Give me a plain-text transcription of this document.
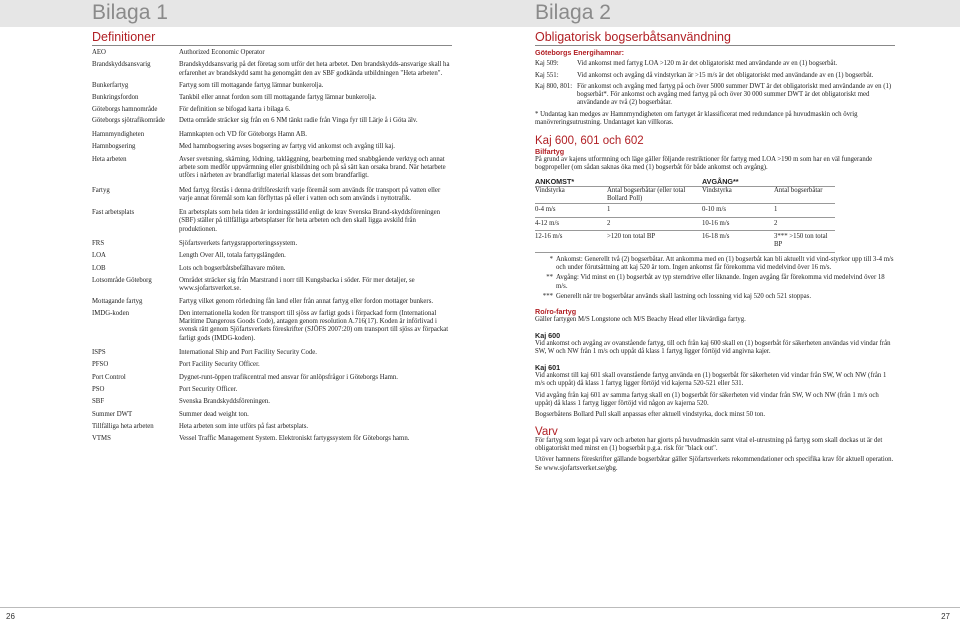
Bilaga 1
Definitioner
AEO	Authorized Economic Operator
Brandskyddsansvarig	Brandskyddsansvarig på det företag som utför det heta arbetet. Den brandskydds-ansvarige skall ha erfarenhet av brandskydd samt ha genomgått den av SBF godkända utbildningen "Heta arbeten".
Bunkerfartyg	Fartyg som till mottagande fartyg lämnar bunkerolja.
Bunkringsfordon	Tankbil eller annat fordon som till mottagande fartyg lämnar bunkerolja.
Göteborgs hamnområde	För definition se bifogad karta i bilaga 6.
Göteborgs sjötrafikområde	Detta område sträcker sig från en 6 NM tänkt radie från Vinga fyr till Lärje å i Göta älv.
Hamnmyndigheten	Hamnkapten och VD för Göteborgs Hamn AB.
Hamnbogsering	Med hamnbogsering avses bogsering av fartyg vid ankomst och avgång till kaj.
Heta arbeten	Avser svetsning, skärning, lödning, takläggning, bearbetning med snabbgående verktyg och annat arbete som medför uppvärmning eller gnistbildning och på så sätt kan orsaka brand. När hetarbete utförs i närheten av brandfarligt material klassas det som brandfarligt.
Fartyg	Med fartyg förstås i denna driftföreskrift varje föremål som används för transport på vatten eller varje annat föremål som kan förflyttas på eller i vatten och som används i nyttotrafik.
Fast arbetsplats	En arbetsplats som hela tiden är iordningsställd enligt de krav Svenska Brand-skyddsföreningen (SBF) ställer på tillfälliga arbetsplatser för heta arbeten och den skall ligga avskild från produktionen.
FRS	Sjöfartsverkets fartygsrapporteringssystem.
LOA	Length Over All, totala fartygslängden.
LOB	Lots och bogserbåtsbefälhavare möten.
Lotsområde Göteborg	Området sträcker sig från Marstrand i norr till Kungsbacka i söder. För mer detaljer, se www.sjofartsverket.se.
Mottagande fartyg	Fartyg vilket genom rörledning fån land eller från annat fartyg eller fordon mottager bunkers.
IMDG-koden	Den internationella koden för transport till sjöss av farligt gods i förpackad form (International Maritime Dangerous Goods Code), antagen genom resolution A.716(17). Koden är införlivad i svensk rätt genom Sjöfartsverkets föreskrifter (SJÖFS 2007:20) om transport till sjöss av förpackat farligt gods (IMDG-koden).
ISPS	International Ship and Port Facility Security Code.
PFSO	Port Facility Security Officer.
Port Control	Dygnet-runt-öppen trafikcentral med ansvar för anlöpsfrågor i Göteborgs Hamn.
PSO	Port Security Officer.
SBF	Svenska Brandskyddsföreningen.
Summer DWT	Summer dead weight ton.
Tillfälliga heta arbeten	Heta arbeten som inte utförs på fast arbetsplats.
VTMS	Vessel Traffic Management System. Elektroniskt fartygssystem för Göteborgs hamn.
26
Bilaga 2
Obligatorisk bogserbåtsanvändning

Göteborgs Energihamnar:

Kaj 509:	Vid ankomst med fartyg LOA >120 m är det obligatoriskt med användande av en (1) bogserbåt.
Kaj 551:	Vid ankomst och avgång då vindstyrkan är >15 m/s är det obligatoriskt med användande av en (1) bogserbåt.
Kaj 800, 801: För ankomst och avgång med fartyg på och över 5000 summer DWT är det obligatoriskt med användande av en (1) bogserbåt*. För ankomst och avgång med fartyg på och över 30 000 summer DWT är det obligatoriskt med användande av två (2) bogserbåtar.

* Undantag kan medges av Hamnmyndigheten om fartyget är klassificerat med redundance på huvudmaskin och övrig manövreringsutrustning. Undantaget kan villkoras.

Kaj 600, 601 och 602

Bilfartyg

På grund av kajens utformning och läge gäller följande restriktioner för fartyg med LOA >190 m som har en väl fungerande bogpropeller (om sådan saknas öka med (1) bogserbåt för både ankomst och avgång).

ANKOMST*		AVGÅNG**	
Vindstyrka	Antal bogserbåtar (eller total Bollard Poll)	Vindstyrka	Antal bogserbåtar
0-4 m/s	1	0-10 m/s	1
4-12 m/s	2	10-16 m/s	2
12-16 m/s	>120 ton total BP	16-18 m/s	3*** >150 ton total BP
* Ankomst: Generellt två (2) bogserbåtar. Att ankomma med en (1) bogserbåt kan bli aktuellt vid vind-styrkor upp till 3-4 m/s och under förutsättning att kaj 520 är tom. Ingen ankomst får förekomma vid medelvind över 16 m/s.
** Avgång: Vid minst en (1) bogserbåt av typ sterndrive eller liknande. Ingen avgång får förekomma vid medelvind över 18 m/s.
*** Generellt när tre bogserbåtar används skall lastning och lossning vid kaj 520 och 521 stoppas.

Ro/ro-fartyg

Gäller fartygen M/S Longstone och M/S Beachy Head eller likvärdiga fartyg.

Kaj 600

Vid ankomst och avgång av ovanstående fartyg, till och från kaj 600 skall en (1) bogserbåt för säkerheten användas vid vindar från SW, W och NW från 1 m/s och uppåt då klass 1 fartyg ligger förtöjd vid angivna kajer.

Kaj 601

Vid ankomst till kaj 601 skall ovanstående fartyg använda en (1) bogserbåt för säkerheten vid vindar från SW, W och NW (från 1 m/s och uppåt) då klass 1 fartyg ligger förtöjd vid kajerna 520-521 eller 531.

Vid avgång från kaj 601 av samma fartyg skall en (1) bogserbåt för säkerheten vid vindar från SW, W och NW (från 1 m/s och uppåt) då klass 1 fartyg ligger förtöjd vid någon av kajerna 520.

Bogserbåtens Bollard Pull skall anpassas efter aktuell vindstyrka, dock minst 50 ton.

Varv

För fartyg som legat på varv och arbeten har gjorts på huvudmaskin samt vital el-utrustning på fartyg som skall dockas ut är det obligatoriskt med minst en (1) bogserbåt p.g.a. risk för "black out".

Utöver hamnens föreskrifter gällande bogserbåtar gäller Sjöfartsverkets rekommendationer och specifika krav för aktuell operation. Se www.sjofartsverket.se/gbg.

27
